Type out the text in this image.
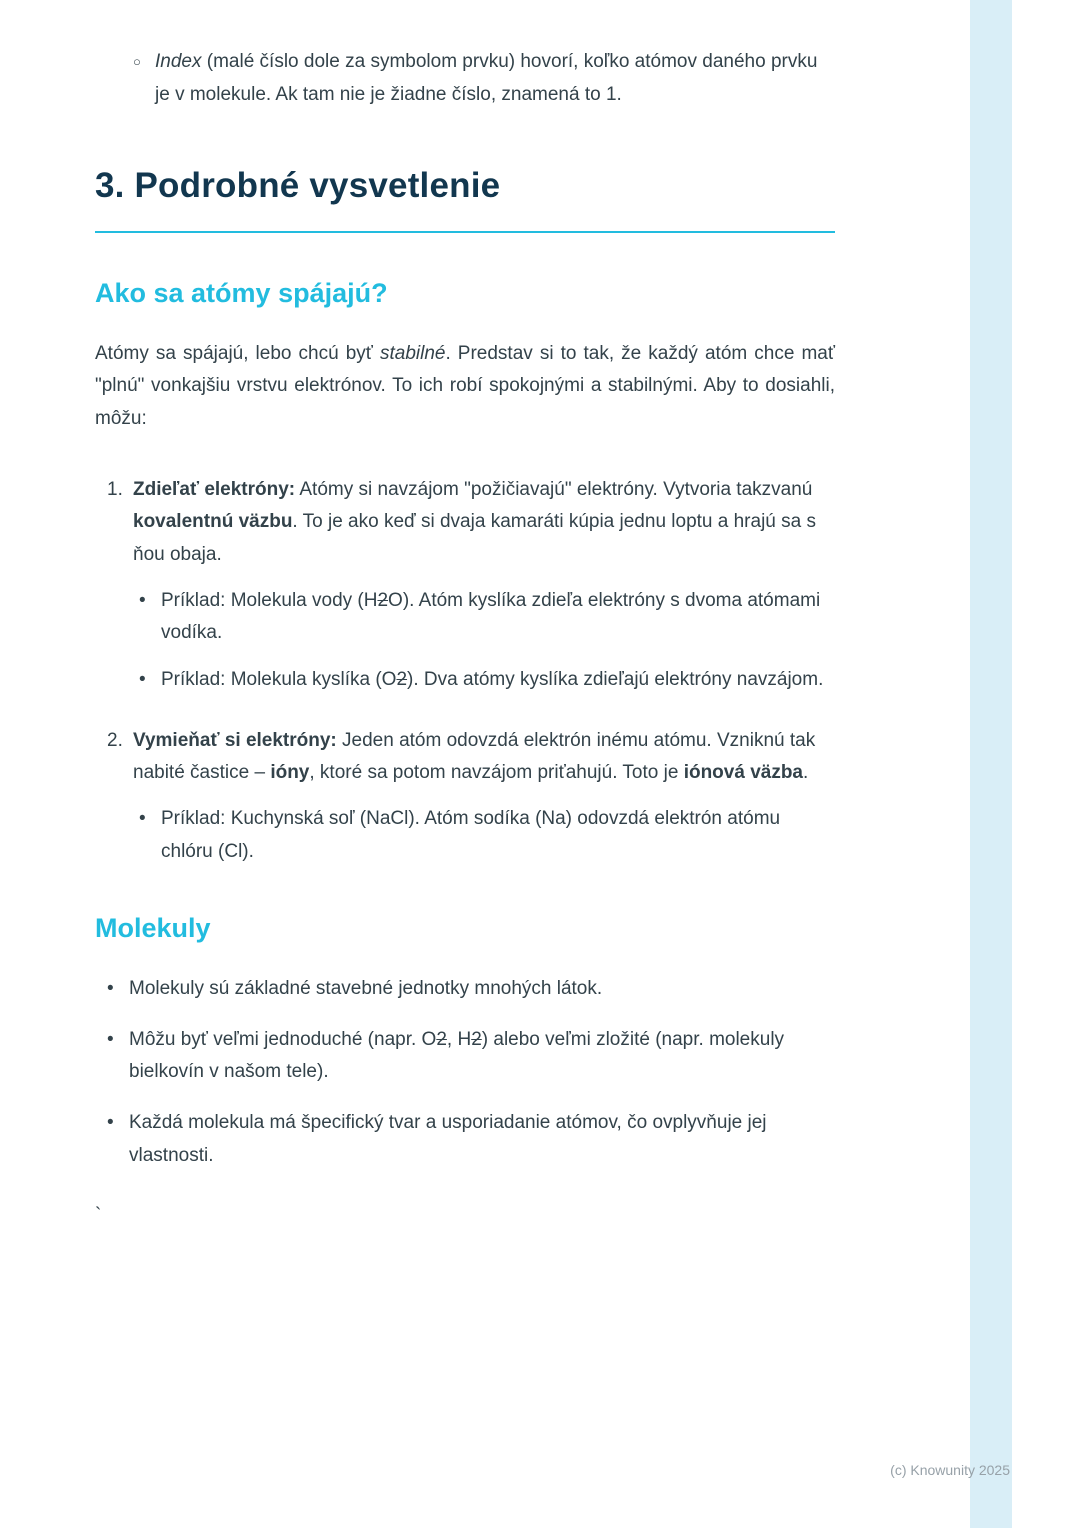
○ Index (malé číslo dole za symbolom prvku) hovorí, koľko atómov daného prvku je v molekule. Ak tam nie je žiadne číslo, znamená to 1.
3. Podrobné vysvetlenie
Ako sa atómy spájajú?

Atómy sa spájajú, lebo chcú byť stabilné. Predstav si to tak, že každý atóm chce mať "plnú" vonkajšiu vrstvu elektrónov. To ich robí spokojnými a stabilnými. Aby to dosiahli, môžu:

1. Zdieľať elektróny: Atómy si navzájom "požičiavajú" elektróny. Vytvoria takzvanú kovalentnú väzbu. To je ako keď si dvaja kamaráti kúpia jednu loptu a hrajú sa s ňou obaja.
• Príklad: Molekula vody (H2O). Atóm kyslíka zdieľa elektróny s dvoma atómami vodíka.
• Príklad: Molekula kyslíka (O2). Dva atómy kyslíka zdieľajú elektróny navzájom.
2. Vymieňať si elektróny: Jeden atóm odovzdá elektrón inému atómu. Vzniknú tak nabité častice – ióny, ktoré sa potom navzájom priťahujú. Toto je iónová väzba.
• Príklad: Kuchynská soľ (NaCl). Atóm sodíka (Na) odovzdá elektrón atómu chlóru (Cl).
Molekuly
• Molekuly sú základné stavebné jednotky mnohých látok.
• Môžu byť veľmi jednoduché (napr. O2, H2) alebo veľmi zložité (napr. molekuly bielkovín v našom tele).
• Každá molekula má špecifický tvar a usporiadanie atómov, čo ovplyvňuje jej vlastnosti.
`
(c) Knowunity 2025
